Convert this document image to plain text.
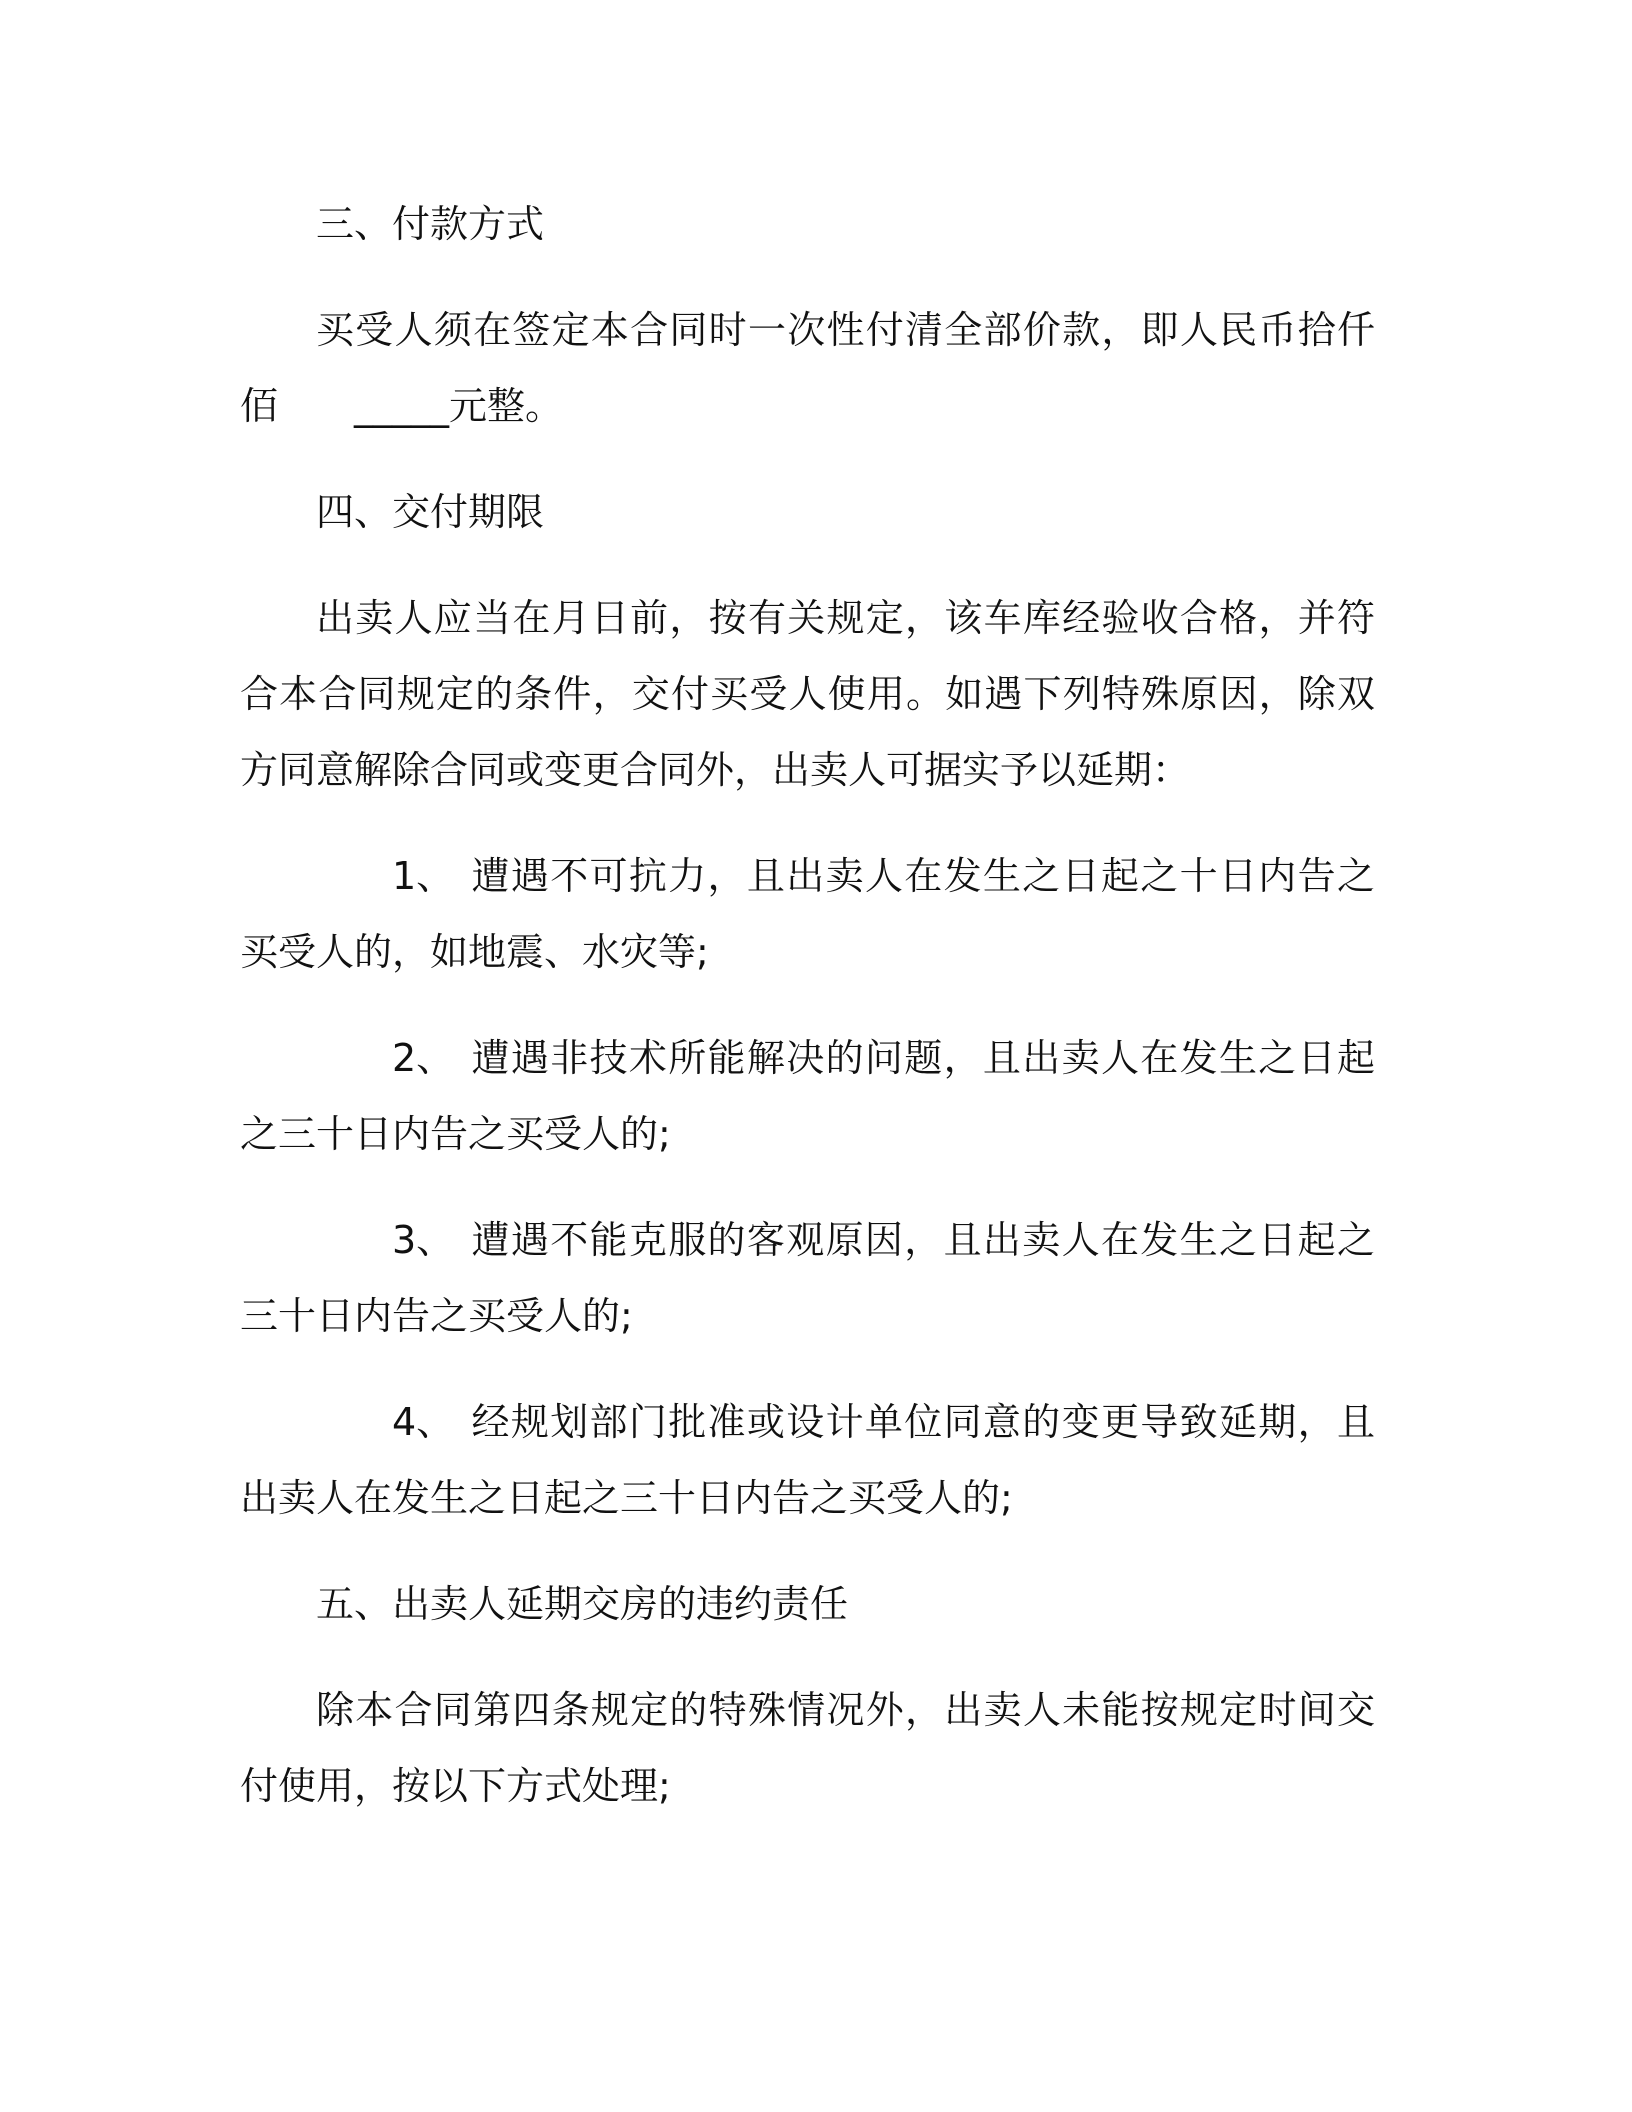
三、付款方式

买受人须在签定本合同时一次性付清全部价款，即人民币拾仟佰 _____元整。

四、交付期限

出卖人应当在月日前，按有关规定，该车库经验收合格，并符合本合同规定的条件，交付买受人使用。如遇下列特殊原因，除双方同意解除合同或变更合同外，出卖人可据实予以延期：

1、 遭遇不可抗力，且出卖人在发生之日起之十日内告之买受人的，如地震、水灾等;

2、 遭遇非技术所能解决的问题，且出卖人在发生之日起之三十日内告之买受人的;

3、 遭遇不能克服的客观原因，且出卖人在发生之日起之三十日内告之买受人的;

4、 经规划部门批准或设计单位同意的变更导致延期，且出卖人在发生之日起之三十日内告之买受人的;

五、出卖人延期交房的违约责任

除本合同第四条规定的特殊情况外，出卖人未能按规定时间交付使用，按以下方式处理;
